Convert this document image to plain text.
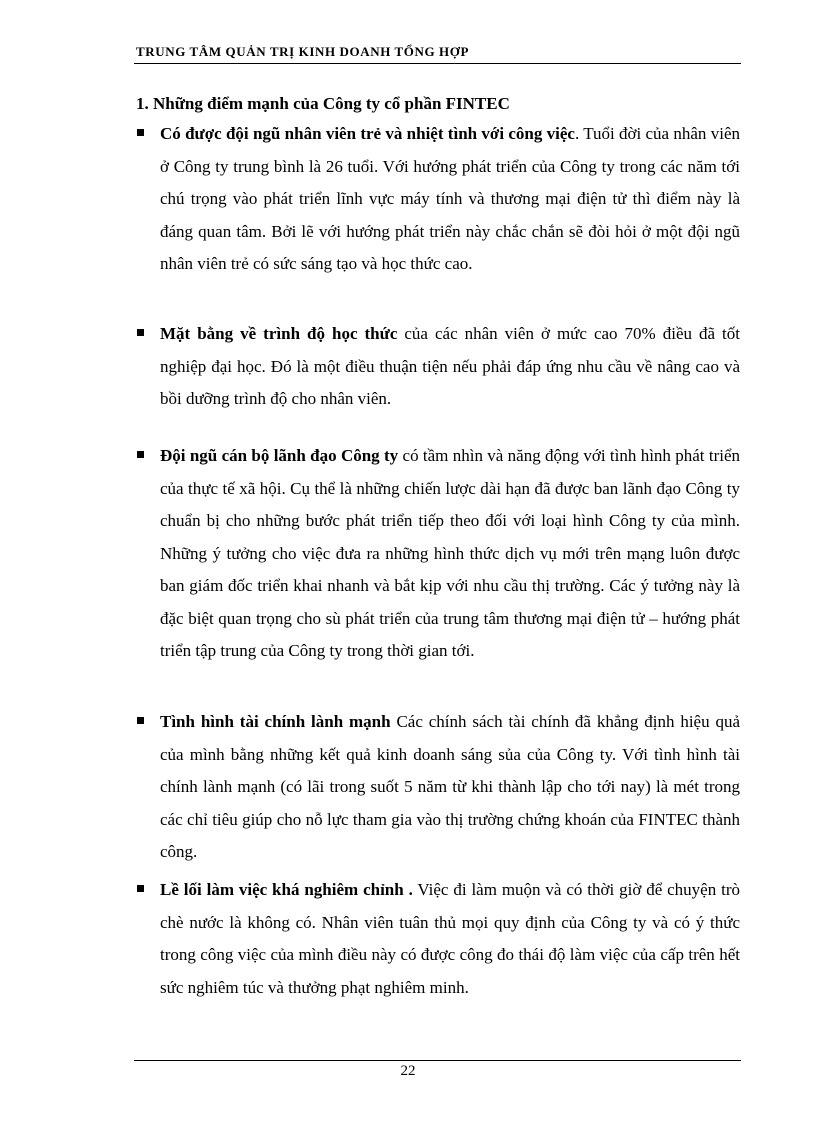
TRUNG TÂM QUẢN TRỊ KINH DOANH TỔNG HỢP
1. Những điểm mạnh của Công ty cổ phần FINTEC
Có được đội ngũ nhân viên trẻ và nhiệt tình với công việc. Tuổi đời của nhân viên ở Công ty trung bình là 26 tuổi. Với hướng phát triển của Công ty trong các năm tới chú trọng vào phát triển lĩnh vực máy tính và thương mại điện tử thì điểm này là đáng quan tâm. Bởi lẽ với hướng phát triển này chắc chắn sẽ đòi hỏi ở một đội ngũ nhân viên trẻ có sức sáng tạo và học thức cao.
Mặt bằng về trình độ học thức của các nhân viên ở mức cao 70% điều đã tốt nghiệp đại học. Đó là một điều thuận tiện nếu phải đáp ứng nhu cầu về nâng cao và bồi dưỡng trình độ cho nhân viên.
Đội ngũ cán bộ lãnh đạo Công ty có tầm nhìn và năng động với tình hình phát triển của thực tế xã hội. Cụ thể là những chiến lược dài hạn đã được ban lãnh đạo Công ty chuẩn bị cho những bước phát triển tiếp theo đối với loại hình Công ty của mình. Những ý tưởng cho việc đưa ra những hình thức dịch vụ mới trên mạng luôn được ban giám đốc triển khai nhanh và bắt kịp với nhu cầu thị trường. Các ý tưởng này là đặc biệt quan trọng cho sù phát triển của trung tâm thương mại điện tử – hướng phát triển tập trung của Công ty trong thời gian tới.
Tình hình tài chính lành mạnh Các chính sách tài chính đã khẳng định hiệu quả của mình bằng những kết quả kinh doanh sáng sủa của Công ty. Với tình hình tài chính lành mạnh (có lãi trong suốt 5 năm từ khi thành lập cho tới nay) là mét trong các chỉ tiêu giúp cho nỗ lực tham gia vào thị trường chứng khoán của FINTEC thành công.
Lề lối làm việc khá nghiêm chỉnh . Việc đi làm muộn và có thời giờ để chuyện trò chè nước là không có. Nhân viên tuân thủ mọi quy định của Công ty và có ý thức trong công việc của mình điều này có được công đo thái độ làm việc của cấp trên hết sức nghiêm túc và thưởng phạt nghiêm minh.
22
